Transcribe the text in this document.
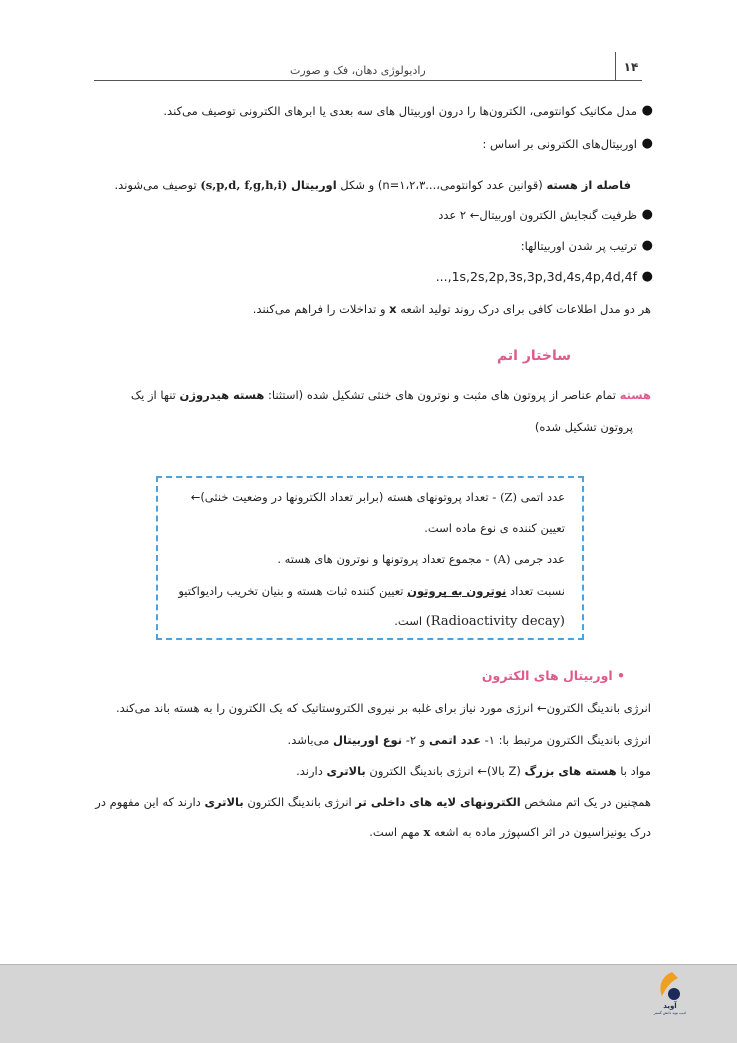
رادیولوژی دهان، فک و صورت	۱۴
●
مدل مکانیک کوانتومی، الکترون‌ها را درون اوربیتال های سه بعدی یا ابرهای الکترونی توصیف می‌کند.
●
اوربیتال‌های الکترونی بر اساس :
فاصله از هسته (قوانین عدد کوانتومی،...۱،۲،۳=n) و شکل اوربیتال (s,p,d, f,g,h,i) توصیف می‌شوند.
●
ظرفیت گنجایش الکترون اوربیتال← ۲ عدد
●
ترتیب پر شدن اوربیتالها:
●
...,1s,2s,2p,3s,3p,3d,4s,4p,4d,4f
هر دو مدل اطلاعات کافی برای درک روند تولید اشعه x و تداخلات را فراهم می‌کنند.
ساختار اتم
هسته تمام عناصر از پروتون های مثبت و نوترون های خنثی تشکیل شده (استثنا: هسته هیدروژن تنها از یک
پروتون تشکیل شده)
عدد اتمی (Z) - تعداد پروتونهای هسته (برابر تعداد الکترونها در وضعیت خنثی)←
تعیین کننده ی نوع ماده است.
عدد جرمی (A) - مجموع تعداد پروتونها و نوترون های هسته .
نسبت تعداد نوترون به پروتون تعیین کننده ثبات هسته و بنیان تخریب رادیواکتیو
(Radioactivity decay) است.
• اوربیتال های الکترون
انرژی باندینگ الکترون← انرژی مورد نیاز برای غلبه بر نیروی الکتروستاتیک که یک الکترون را به هسته باند می‌کند.
انرژی باندینگ الکترون مرتبط با: ۱- عدد اتمی و ۲- نوع اوربیتال می‌باشد.
مواد با هسته های بزرگ (Z بالا)← انرژی باندینگ الکترون بالاتری دارند.
همچنین در یک اتم مشخص الکترونهای لایه های داخلی تر انرژی باندینگ الکترون بالاتری دارند که این مفهوم در
درک یونیزاسیون در اثر اکسپوژر ماده به اشعه x مهم است.
آوید
ادیب نوید دانش گستر
